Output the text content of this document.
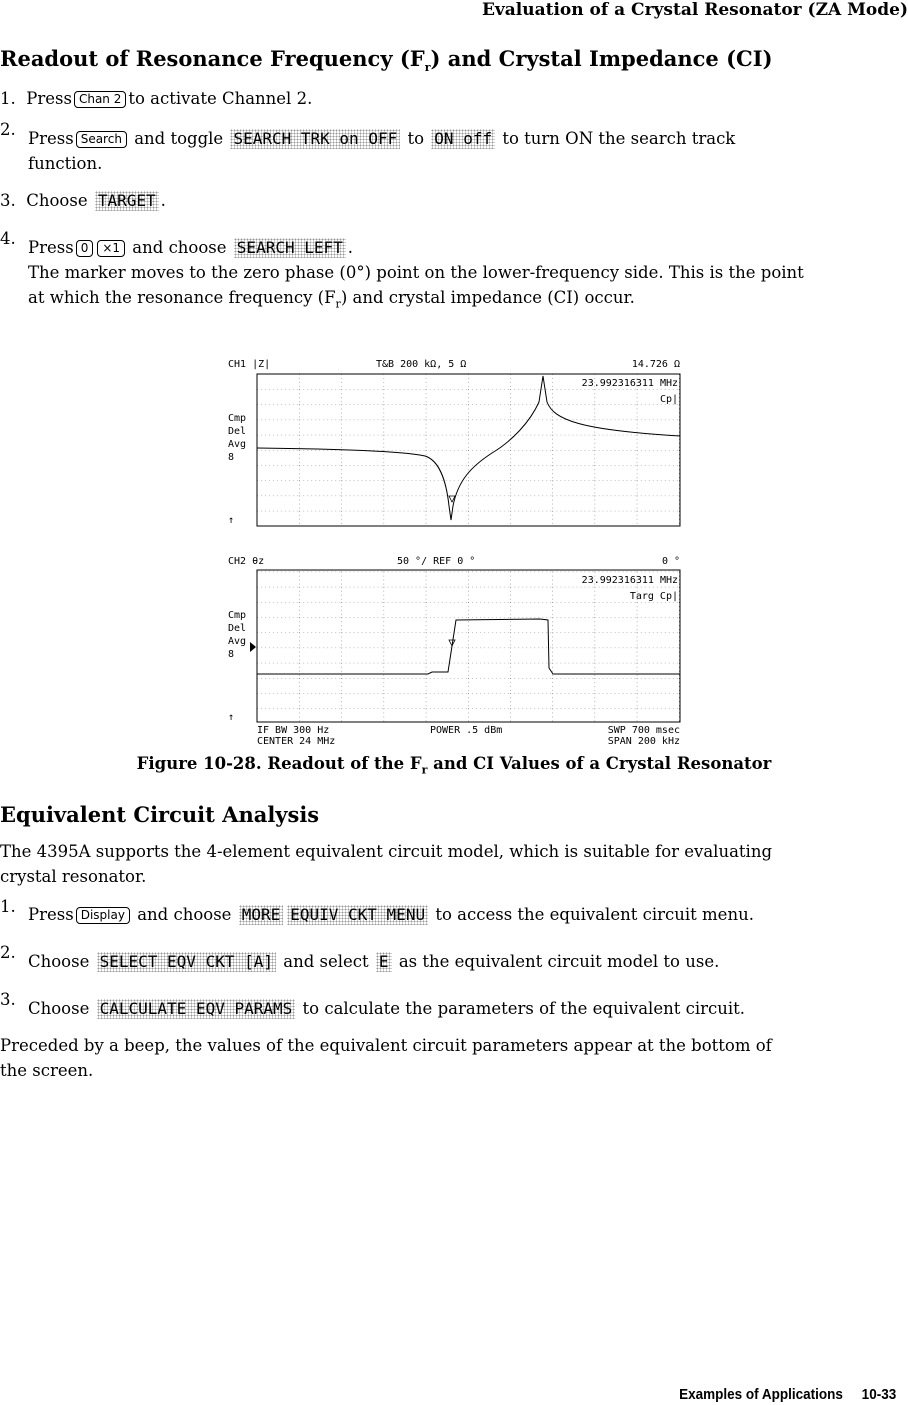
Evaluation of a Crystal Resonator (ZA Mode)
Readout of Resonance Frequency $(F_r)$ and Crystal Impedance (CI)
1. Press Chan 2 to activate Channel 2.
2. Press Search and toggle SEARCH TRK on OFF to ON off to turn ON the search track
function.
3. Choose TARGET .
4. Press 0 ×1 and choose SEARCH LEFT .
The marker moves to the zero phase (0°) point on the lower-frequency side. This is the point
at which the resonance frequency $(F_r)$ and crystal impedance (CI) occur.
CH1 |Z|	T&B 200 kΩ, 5 Ω	14.726 Ω
23.992316311 MHz
Cp|
Cmp
Del
Avg
8
↑
CH2 θz	50 °/ REF 0 °	0 °
23.992316311 MHz
Targ Cp|
Cmp
Del
Avg
8
↑
IF BW 300 Hz	POWER .5 dBm	SWP 700 msec
CENTER 24 MHz	SPAN 200 kHz
Figure 10-28. Readout of the $F_r$ and CI Values of a Crystal Resonator
Equivalent Circuit Analysis
The 4395A supports the 4-element equivalent circuit model, which is suitable for evaluating
crystal resonator.
1. Press Display and choose MORE EQUIV CKT MENU to access the equivalent circuit menu.
2. Choose SELECT EQV CKT [A] and select E as the equivalent circuit model to use.
3. Choose CALCULATE EQV PARAMS to calculate the parameters of the equivalent circuit.
Preceded by a beep, the values of the equivalent circuit parameters appear at the bottom of
the screen.
Examples of Applications 10-33
